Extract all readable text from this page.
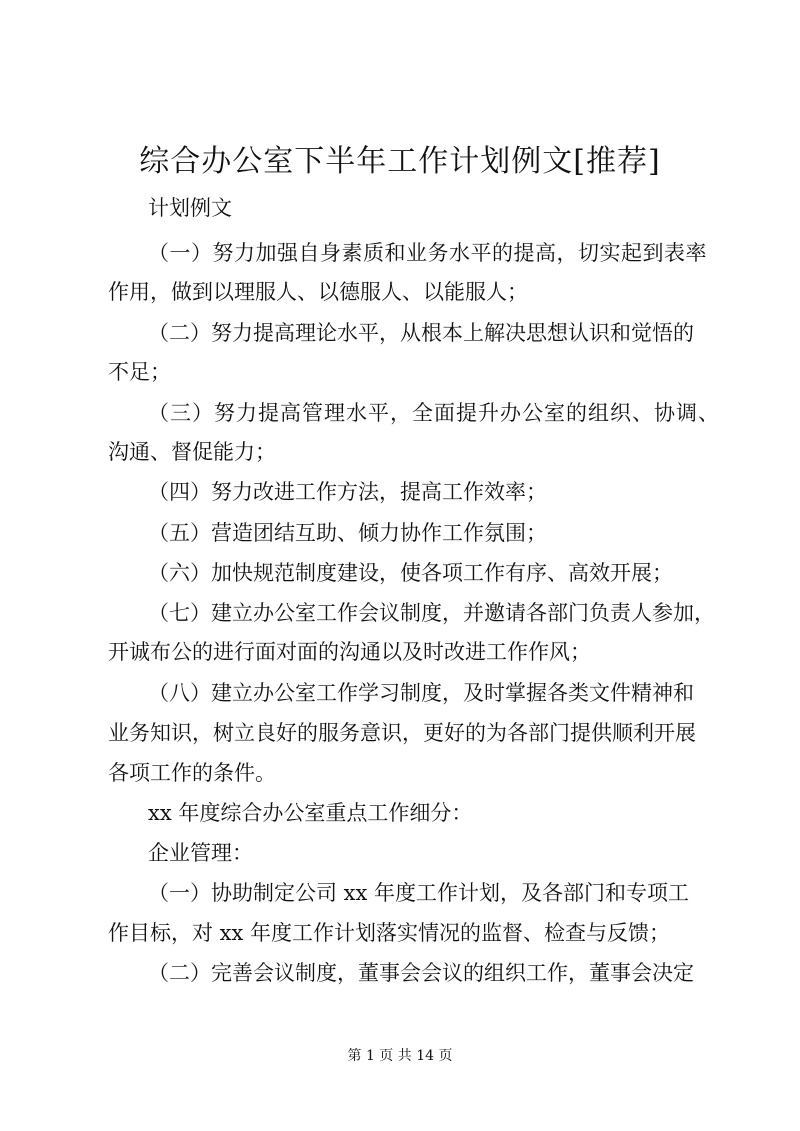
综合办公室下半年工作计划例文[推荐]
计划例文
（一）努力加强自身素质和业务水平的提高，切实起到表率
作用，做到以理服人、以德服人、以能服人；
（二）努力提高理论水平，从根本上解决思想认识和觉悟的
不足；
（三）努力提高管理水平，全面提升办公室的组织、协调、
沟通、督促能力；
（四）努力改进工作方法，提高工作效率；
（五）营造团结互助、倾力协作工作氛围；
（六）加快规范制度建设，使各项工作有序、高效开展；
（七）建立办公室工作会议制度，并邀请各部门负责人参加，
开诚布公的进行面对面的沟通以及时改进工作作风；
（八）建立办公室工作学习制度，及时掌握各类文件精神和
业务知识，树立良好的服务意识，更好的为各部门提供顺利开展
各项工作的条件。
xx 年度综合办公室重点工作细分：
企业管理：
（一）协助制定公司 xx 年度工作计划，及各部门和专项工
作目标，对 xx 年度工作计划落实情况的监督、检查与反馈；
（二）完善会议制度，董事会会议的组织工作，董事会决定
第 1 页 共 14 页
